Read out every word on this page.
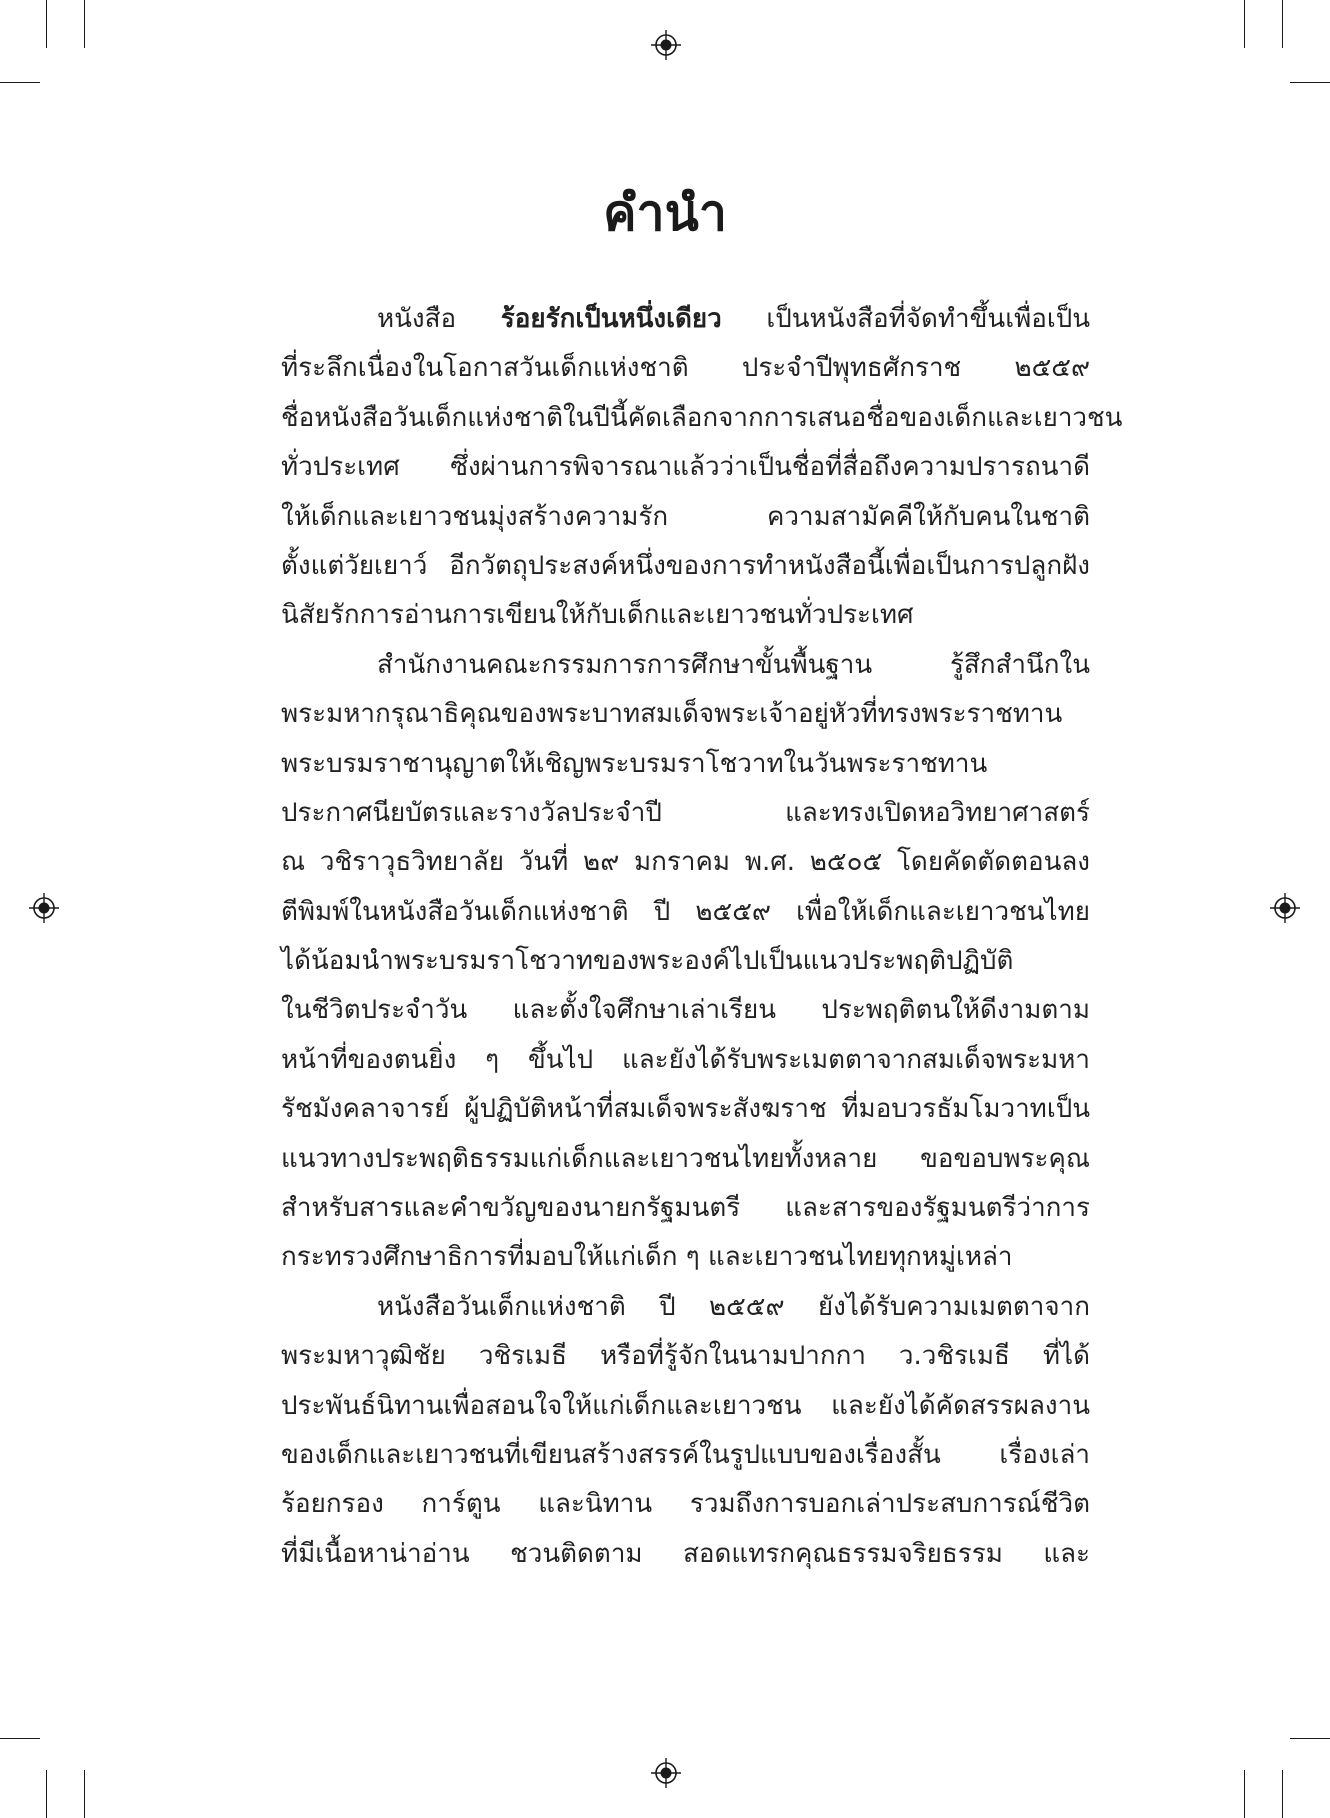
คำนำ
หนังสือ ร้อยรักเป็นหนึ่งเดียว เป็นหนังสือที่จัดทำขึ้นเพื่อเป็น
ที่ระลึกเนื่องในโอกาสวันเด็กแห่งชาติ ประจำปีพุทธศักราช ๒๕๕๙
ชื่อหนังสือวันเด็กแห่งชาติในปีนี้คัดเลือกจากการเสนอชื่อของเด็กและเยาวชน
ทั่วประเทศ ซึ่งผ่านการพิจารณาแล้วว่าเป็นชื่อที่สื่อถึงความปรารถนาดี
ให้เด็กและเยาวชนมุ่งสร้างความรัก ความสามัคคีให้กับคนในชาติ
ตั้งแต่วัยเยาว์ อีกวัตถุประสงค์หนึ่งของการทำหนังสือนี้เพื่อเป็นการปลูกฝัง
นิสัยรักการอ่านการเขียนให้กับเด็กและเยาวชนทั่วประเทศ
สำนักงานคณะกรรมการการศึกษาขั้นพื้นฐาน รู้สึกสำนึกใน
พระมหากรุณาธิคุณของพระบาทสมเด็จพระเจ้าอยู่หัวที่ทรงพระราชทาน
พระบรมราชานุญาตให้เชิญพระบรมราโชวาทในวันพระราชทาน
ประกาศนียบัตรและรางวัลประจำปี และทรงเปิดหอวิทยาศาสตร์
ณ วชิราวุธวิทยาลัย วันที่ ๒๙ มกราคม พ.ศ. ๒๕๐๕ โดยคัดตัดตอนลง
ตีพิมพ์ในหนังสือวันเด็กแห่งชาติ ปี ๒๕๕๙ เพื่อให้เด็กและเยาวชนไทย
ได้น้อมนำพระบรมราโชวาทของพระองค์ไปเป็นแนวประพฤติปฏิบัติ
ในชีวิตประจำวัน และตั้งใจศึกษาเล่าเรียน ประพฤติตนให้ดีงามตาม
หน้าที่ของตนยิ่ง ๆ ขึ้นไป และยังได้รับพระเมตตาจากสมเด็จพระมหา
รัชมังคลาจารย์ ผู้ปฏิบัติหน้าที่สมเด็จพระสังฆราช ที่มอบวรธัมโมวาทเป็น
แนวทางประพฤติธรรมแก่เด็กและเยาวชนไทยทั้งหลาย ขอขอบพระคุณ
สำหรับสารและคำขวัญของนายกรัฐมนตรี และสารของรัฐมนตรีว่าการ
กระทรวงศึกษาธิการที่มอบให้แก่เด็ก ๆ และเยาวชนไทยทุกหมู่เหล่า
หนังสือวันเด็กแห่งชาติ ปี ๒๕๕๙ ยังได้รับความเมตตาจาก
พระมหาวุฒิชัย วชิรเมธี หรือที่รู้จักในนามปากกา ว.วชิรเมธี ที่ได้
ประพันธ์นิทานเพื่อสอนใจให้แก่เด็กและเยาวชน และยังได้คัดสรรผลงาน
ของเด็กและเยาวชนที่เขียนสร้างสรรค์ในรูปแบบของเรื่องสั้น เรื่องเล่า
ร้อยกรอง การ์ตูน และนิทาน รวมถึงการบอกเล่าประสบการณ์ชีวิต
ที่มีเนื้อหาน่าอ่าน ชวนติดตาม สอดแทรกคุณธรรมจริยธรรม และ
